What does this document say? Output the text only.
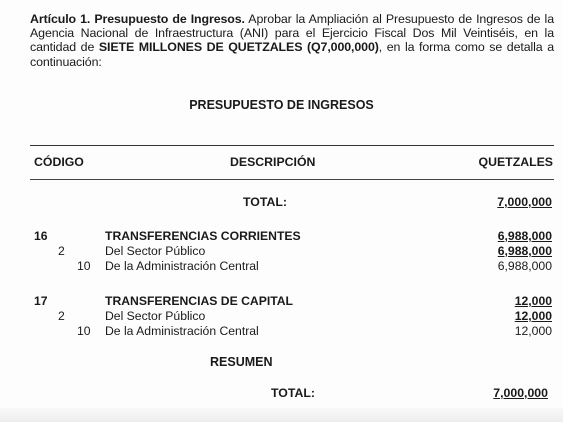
Artículo 1. Presupuesto de Ingresos. Aprobar la Ampliación al Presupuesto de Ingresos de la Agencia Nacional de Infraestructura (ANI) para el Ejercicio Fiscal Dos Mil Veintiséis, en la cantidad de SIETE MILLONES DE QUETZALES (Q7,000,000), en la forma como se detalla a continuación:
PRESUPUESTO DE INGRESOS
CÓDIGO	DESCRIPCIÓN	QUETZALES
TOTAL:	7,000,000
16	TRANSFERENCIAS CORRIENTES	6,988,000
2	Del Sector Público	6,988,000
10 De la Administración Central	6,988,000
17	TRANSFERENCIAS DE CAPITAL	12,000
2	Del Sector Público	12,000
10 De la Administración Central	12,000
RESUMEN
TOTAL:	7,000,000
